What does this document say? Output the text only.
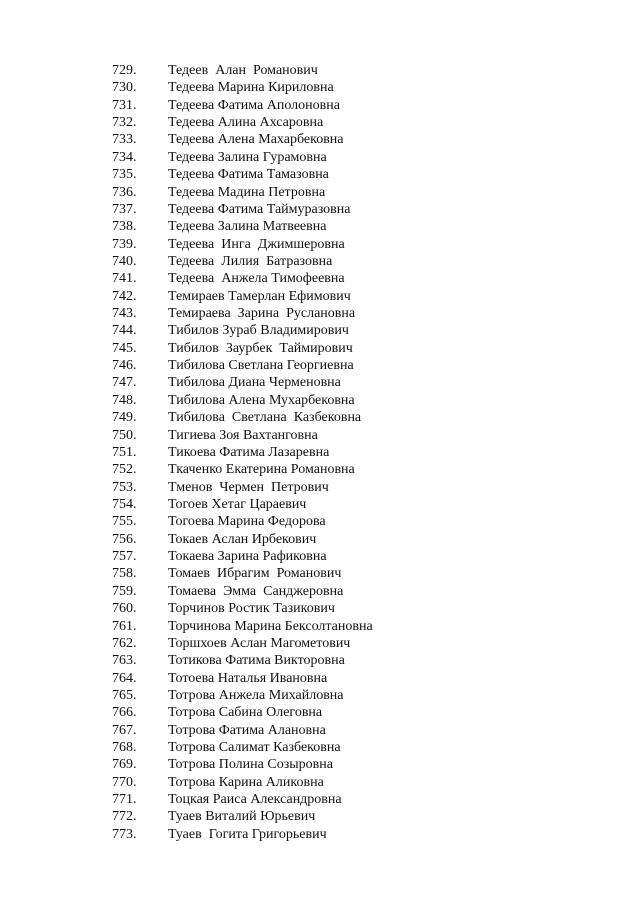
729.	Тедеев  Алан  Романович
730.	Тедеева Марина Кириловна
731.	Тедеева Фатима Аполоновна
732.	Тедеева Алина Ахсаровна
733.	Тедеева Алена Махарбековна
734.	Тедеева Залина Гурамовна
735.	Тедеева Фатима Тамазовна
736.	Тедеева Мадина Петровна
737.	Тедеева Фатима Таймуразовна
738.	Тедеева Залина Матвеевна
739.	Тедеева  Инга  Джимшеровна
740.	Тедеева  Лилия  Батразовна
741.	Тедеева  Анжела Тимофеевна
742.	Темираев Тамерлан Ефимович
743.	Темираева  Зарина  Руслановна
744.	Тибилов Зураб Владимирович
745.	Тибилов  Заурбек  Таймирович
746.	Тибилова Светлана Георгиевна
747.	Тибилова Диана Черменовна
748.	Тибилова Алена Мухарбековна
749.	Тибилова  Светлана  Казбековна
750.	Тигиева Зоя Вахтанговна
751.	Тикоева Фатима Лазаревна
752.	Ткаченко Екатерина Романовна
753.	Тменов  Чермен  Петрович
754.	Тогоев Хетаг Цараевич
755.	Тогоева Марина Федорова
756.	Токаев Аслан Ирбекович
757.	Токаева Зарина Рафиковна
758.	Томаев  Ибрагим  Романович
759.	Томаева  Эмма  Санджеровна
760.	Торчинов Ростик Тазикович
761.	Торчинова Марина Бексолтановна
762.	Торшхоев Аслан Магометович
763.	Тотикова Фатима Викторовна
764.	Тотоева Наталья Ивановна
765.	Тотрова Анжела Михайловна
766.	Тотрова Сабина Олеговна
767.	Тотрова Фатима Алановна
768.	Тотрова Салимат Казбековна
769.	Тотрова Полина Созыровна
770.	Тотрова Карина Аликовна
771.	Тоцкая Раиса Александровна
772.	Туаев Виталий Юрьевич
773.	Туаев  Гогита Григорьевич
